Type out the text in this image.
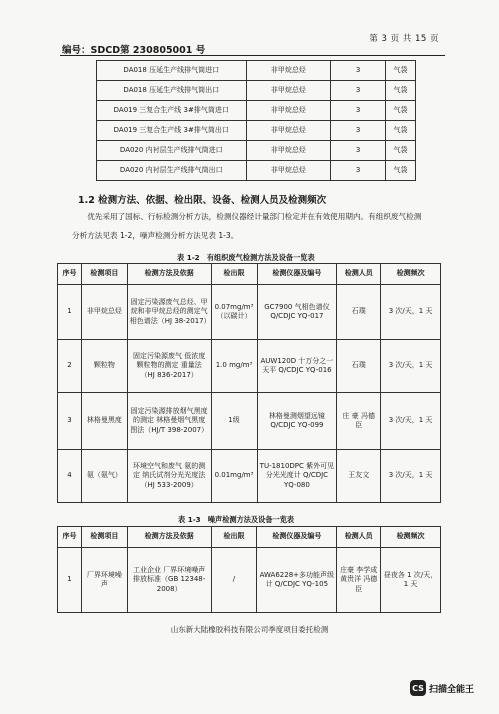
第 3 页 共 15 页
编号：SDCD第 230805001 号
DA018 压延生产线排气筒进口	非甲烷总烃	3	气袋
DA018 压延生产线排气筒出口	非甲烷总烃	3	气袋
DA019 三复合生产线 3#排气筒进口	非甲烷总烃	3	气袋
DA019 三复合生产线 3#排气筒出口	非甲烷总烃	3	气袋
DA020 内衬层生产线排气筒进口	非甲烷总烃	3	气袋
DA020 内衬层生产线排气筒出口	非甲烷总烃	3	气袋
1.2 检测方法、依据、检出限、设备、检测人员及检测频次
优先采用了国标、行标检测分析方法，检测仪器经计量部门检定并在有效使用期内。有组织废气检测
分析方法见表 1-2，噪声检测分析方法见表 1-3。
表 1-2　有组织废气检测方法及设备一览表
序号	检测项目	检测方法及依据	检出限	检测仪器及编号	检测人员	检测频次
1	非甲烷总烃	固定污染源废气总烃、甲烷和非甲烷总烃的测定气相色谱法（HJ 38-2017）	0.07mg/m³（以碳计）	GC7900 气相色谱仪 Q/CDJC YQ-017	石璞	3 次/天，1 天
2	颗粒物	固定污染源废气 低浓度颗粒物的测定 重量法（HJ 836-2017）	1.0 mg/m³	AUW120D 十万分之一天平 Q/CDJC YQ-016	石璞	3 次/天，1 天
3	林格曼黑度	固定污染源排放烟气黑度的测定 林格曼烟气黑度图法（HJ/T 398-2007）	1级	林格曼测烟望远镜 Q/CDJC YQ-099	庄 豪 冯德臣	3 次/天，1 天
4	氨（氨气）	环境空气和废气 氨的测定 纳氏试剂分光光度法（HJ 533-2009）	0.01mg/m³	TU-1810DPC 紫外可见分光光度计 Q/CDJC YQ-080	王友文	3 次/天，1 天
表 1-3　噪声检测方法及设备一览表
序号	检测项目	检测方法及依据	检出限	检测仪器及编号	检测人员	检测频次
1	厂界环境噪声	工业企业 厂界环境噪声排放标准（GB 12348-2008）	/	AWA6228+多功能声级计 Q/CDJC YQ-105	庄豪 李学成 黄贵洋 冯德臣	昼夜各 1 次/天，1 天
山东新大陆橡胶科技有限公司季度项目委托检测
CS 扫描全能王
